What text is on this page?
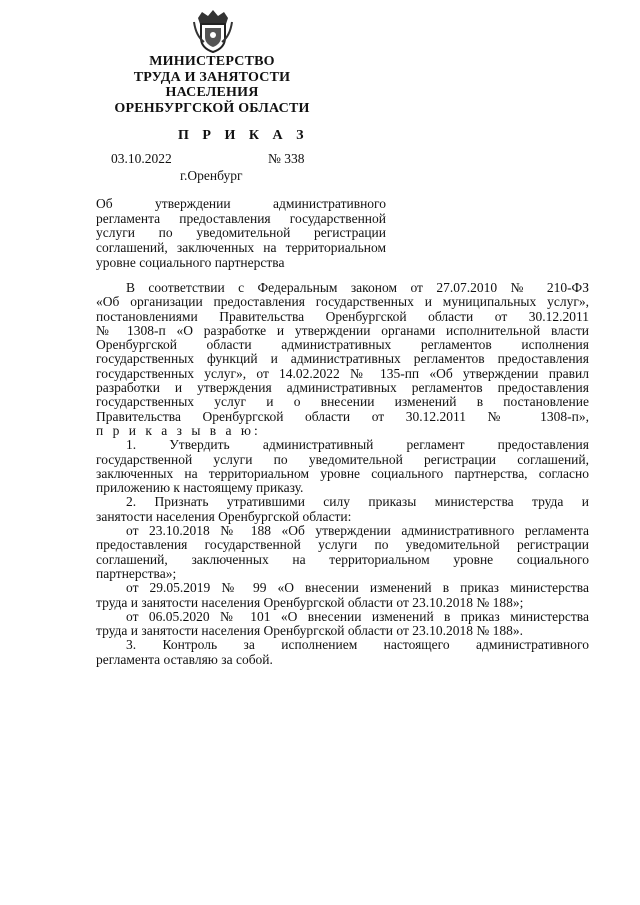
МИНИСТЕРСТВО
ТРУДА И ЗАНЯТОСТИ
НАСЕЛЕНИЯ
ОРЕНБУРГСКОЙ ОБЛАСТИ
П Р И К А З
03.10.2022	№ 338
г.Оренбург
Об утверждении административного
регламента предоставления государственной
услуги по уведомительной регистрации
соглашений, заключенных на территориальном
уровне социального партнерства
В соответствии с Федеральным законом от 27.07.2010 № 210-ФЗ
«Об организации предоставления государственных и муниципальных услуг»,
постановлениями Правительства Оренбургской области от 30.12.2011
№ 1308-п «О разработке и утверждении органами исполнительной власти
Оренбургской области административных регламентов исполнения
государственных функций и административных регламентов предоставления
государственных услуг», от 14.02.2022 № 135-пп «Об утверждении правил
разработки и утверждения административных регламентов предоставления
государственных услуг и о внесении изменений в постановление
Правительства Оренбургской области от 30.12.2011 № 1308-п»,
п р и к а з ы в а ю:
1. Утвердить административный регламент предоставления
государственной услуги по уведомительной регистрации соглашений,
заключенных на территориальном уровне социального партнерства, согласно
приложению к настоящему приказу.
2. Признать утратившими силу приказы министерства труда и
занятости населения Оренбургской области:
от 23.10.2018 № 188 «Об утверждении административного регламента
предоставления государственной услуги по уведомительной регистрации
соглашений, заключенных на территориальном уровне социального
партнерства»;
от 29.05.2019 № 99 «О внесении изменений в приказ министерства
труда и занятости населения Оренбургской области от 23.10.2018 № 188»;
от 06.05.2020 № 101 «О внесении изменений в приказ министерства
труда и занятости населения Оренбургской области от 23.10.2018 № 188».
3. Контроль за исполнением настоящего административного
регламента оставляю за собой.
